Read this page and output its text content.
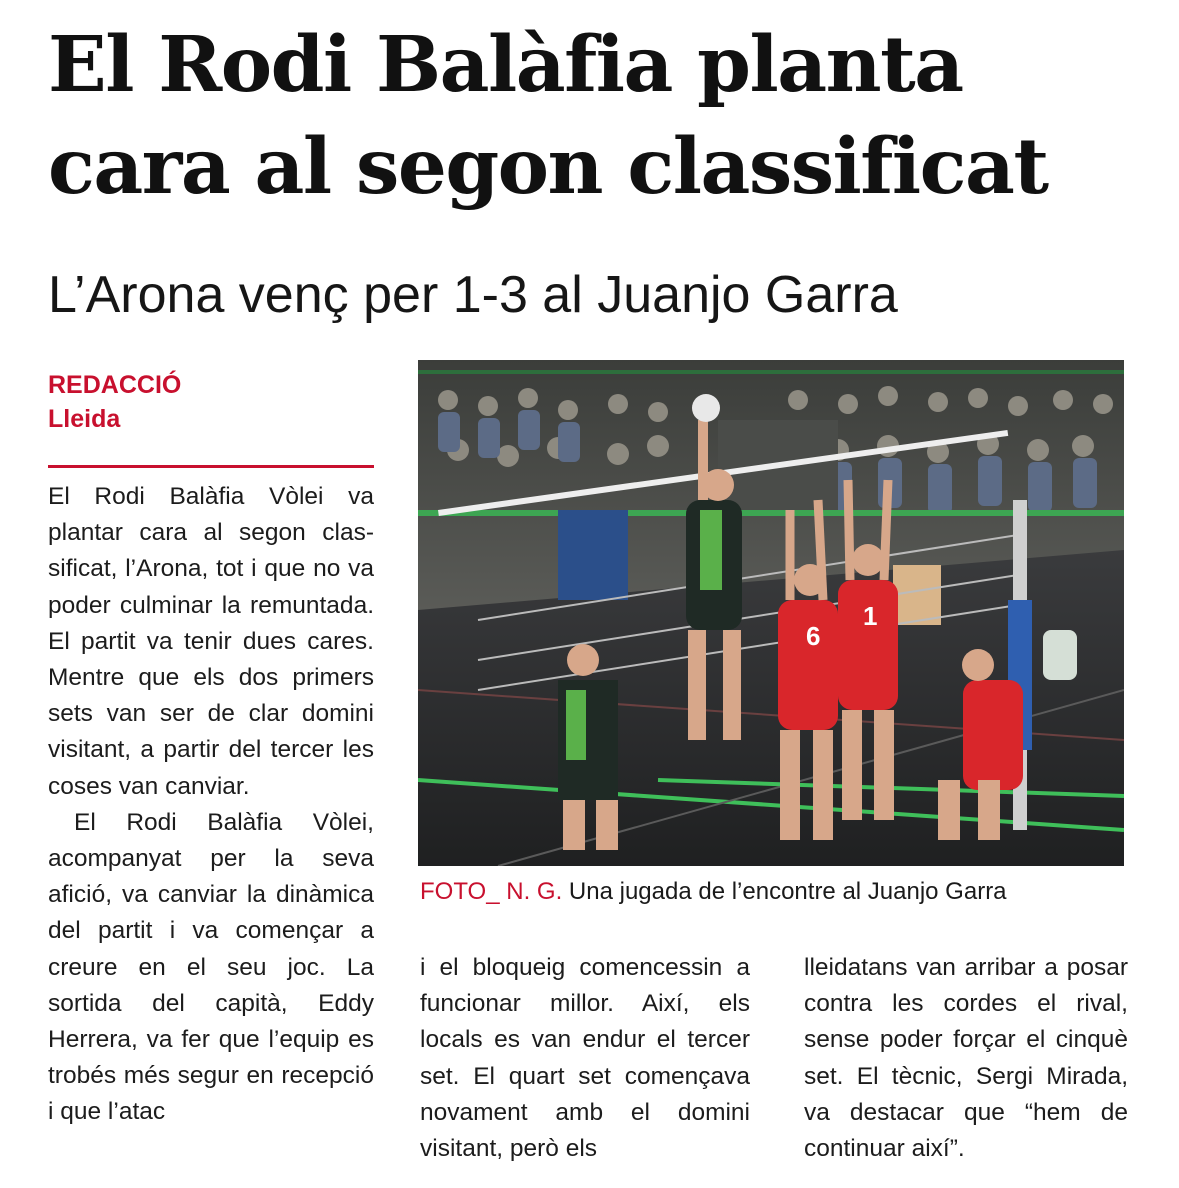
El Rodi Balàfia planta
cara al segon classificat
L’Arona venç per 1-3 al Juanjo Garra
REDACCIÓ
Lleida

El Rodi Balàfia Vòlei va plantar cara al segon classificat, l’Arona, tot i que no va poder culminar la remuntada. El partit va tenir dues cares. Mentre que els dos primers sets van ser de clar domini visitant, a partir del tercer les coses van canviar.

El Rodi Balàfia Vòlei, acompanyat per la seva afició, va canviar la dinàmica del partit i va començar a creure en el seu joc. La sortida del capità, Eddy Herrera, va fer que l’equip es trobés més segur en recepció i que l’atac

6
1
FOTO_ N. G. Una jugada de l’encontre al Juanjo Garra

i el bloqueig comencessin a funcionar millor. Així, els locals es van endur el tercer set. El quart set començava novament amb el domini visitant, però els

lleidatans van arribar a posar contra les cordes el rival, sense poder forçar el cinquè set. El tècnic, Sergi Mirada, va destacar que “hem de continuar així”.
